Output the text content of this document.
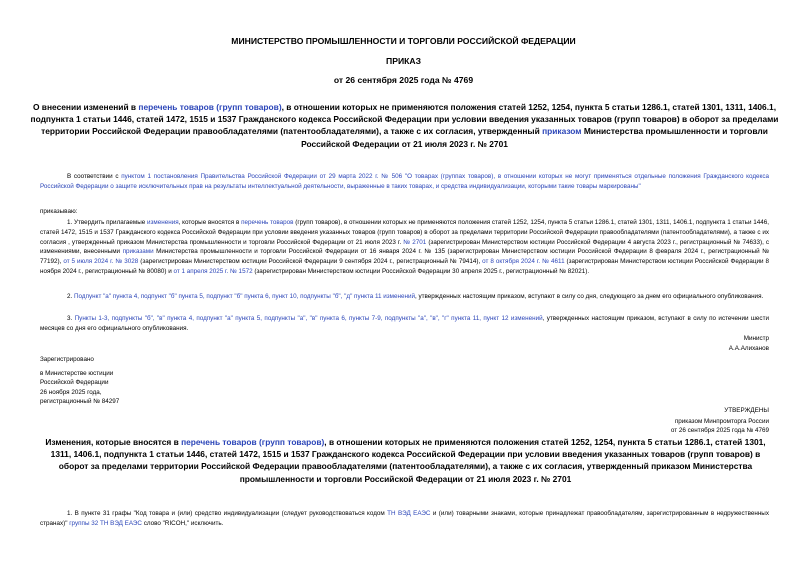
МИНИСТЕРСТВО ПРОМЫШЛЕННОСТИ И ТОРГОВЛИ РОССИЙСКОЙ ФЕДЕРАЦИИ
ПРИКАЗ
от 26 сентября 2025 года № 4769
О внесении изменений в перечень товаров (групп товаров), в отношении которых не применяются положения статей 1252, 1254, пункта 5 статьи 1286.1, статей 1301, 1311, 1406.1, подпункта 1 статьи 1446, статей 1472, 1515 и 1537 Гражданского кодекса Российской Федерации при условии введения указанных товаров (групп товаров) в оборот за пределами территории Российской Федерации правообладателями (патентообладателями), а также с их согласия, утвержденный приказом Министерства промышленности и торговли Российской Федерации от 21 июля 2023 г. № 2701
В соответствии с пунктом 1 постановления Правительства Российской Федерации от 29 марта 2022 г. № 506 "О товарах (группах товаров), в отношении которых не могут применяться отдельные положения Гражданского кодекса Российской Федерации о защите исключительных прав на результаты интеллектуальной деятельности, выраженные в таких товарах, и средства индивидуализации, которыми такие товары маркированы"
приказываю:
1. Утвердить прилагаемые изменения, которые вносятся в перечень товаров (групп товаров), в отношении которых не применяются положения статей 1252, 1254, пункта 5 статьи 1286.1, статей 1301, 1311, 1406.1, подпункта 1 статьи 1446, статей 1472, 1515 и 1537 Гражданского кодекса Российской Федерации при условии введения указанных товаров (групп товаров) в оборот за пределами территории Российской Федерации правообладателями (патентообладателями), а также с их согласия , утвержденный приказом Министерства промышленности и торговли Российской Федерации от 21 июля 2023 г. № 2701 (зарегистрирован Министерством юстиции Российской Федерации 4 августа 2023 г., регистрационный № 74633), с изменениями, внесенными приказами Министерства промышленности и торговли Российской Федерации от 16 января 2024 г. № 135 (зарегистрирован Министерством юстиции Российской Федерации 8 февраля 2024 г., регистрационный № 77192), от 5 июля 2024 г. № 3028 (зарегистрирован Министерством юстиции Российской Федерации 9 сентября 2024 г., регистрационный № 79414), от 8 октября 2024 г. № 4611 (зарегистрирован Министерством юстиции Российской Федерации 8 ноября 2024 г., регистрационный № 80080) и от 1 апреля 2025 г. № 1572 (зарегистрирован Министерством юстиции Российской Федерации 30 апреля 2025 г., регистрационный № 82021).
2. Подпункт "а" пункта 4, подпункт "б" пункта 5, подпункт "б" пункта 6, пункт 10, подпункты "б", "д" пункта 11 изменений, утвержденных настоящим приказом, вступают в силу со дня, следующего за днем его официального опубликования.
3. Пункты 1-3, подпункты "б", "в" пункта 4, подпункт "а" пункта 5, подпункты "а", "в" пункта 6, пункты 7-9, подпункты "а", "в", "г" пункта 11, пункт 12 изменений, утвержденных настоящим приказом, вступают в силу по истечении шести месяцев со дня его официального опубликования.
Министр
А.А.Алиханов
Зарегистрировано
в Министерстве юстиции
Российской Федерации
26 ноября 2025 года,
регистрационный № 84297
УТВЕРЖДЕНЫ
приказом Минпромторга России
от 26 сентября 2025 года № 4769
Изменения, которые вносятся в перечень товаров (групп товаров), в отношении которых не применяются положения статей 1252, 1254, пункта 5 статьи 1286.1, статей 1301, 1311, 1406.1, подпункта 1 статьи 1446, статей 1472, 1515 и 1537 Гражданского кодекса Российской Федерации при условии введения указанных товаров (групп товаров) в оборот за пределами территории Российской Федерации правообладателями (патентообладателями), а также с их согласия, утвержденный приказом Министерства промышленности и торговли Российской Федерации от 21 июля 2023 г. № 2701
1. В пункте 31 графы "Код товара и (или) средство индивидуализации (следует руководствоваться кодом ТН ВЭД ЕАЭС и (или) товарными знаками, которые принадлежат правообладателям, зарегистрированным в недружественных странах)" группы 32 ТН ВЭД ЕАЭС слово "RICOH," исключить.
